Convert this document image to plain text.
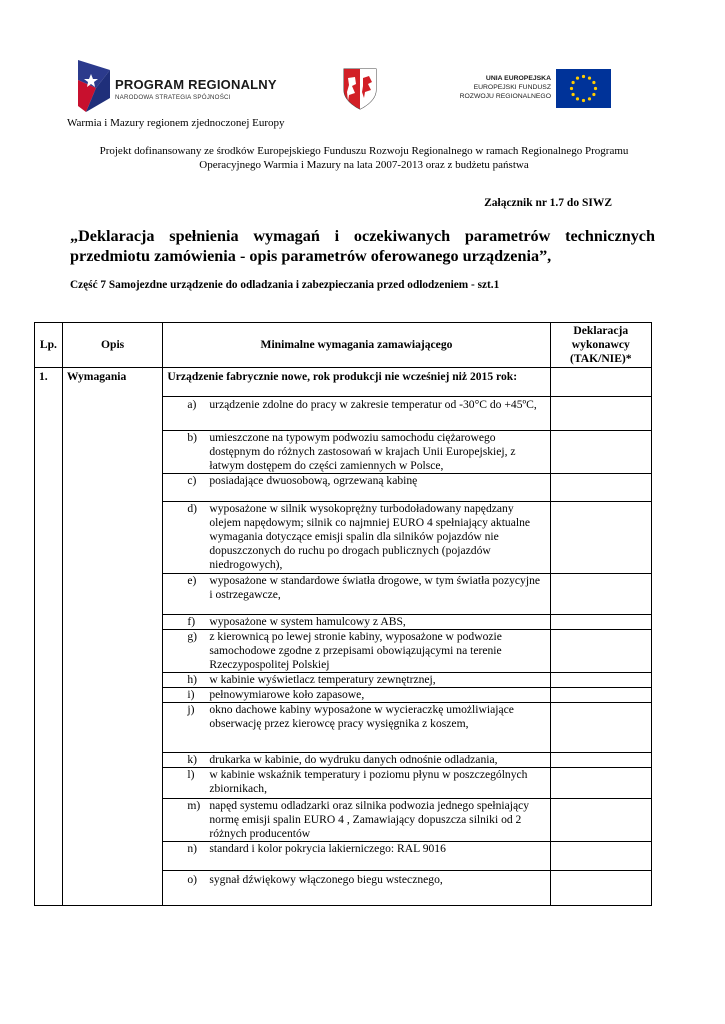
PROGRAM REGIONALNY
NARODOWA STRATEGIA SPÓJNOŚCI
UNIA EUROPEJSKA
EUROPEJSKI FUNDUSZ
ROZWOJU REGIONALNEGO
Warmia i Mazury regionem zjednoczonej Europy
Projekt dofinansowany ze środków Europejskiego Funduszu Rozwoju Regionalnego w ramach Regionalnego Programu
Operacyjnego Warmia i Mazury na lata 2007-2013 oraz z budżetu państwa
Załącznik nr 1.7 do SIWZ
„Deklaracja spełnienia wymagań i oczekiwanych parametrów technicznych przedmiotu zamówienia - opis parametrów oferowanego urządzenia”,
Część 7 Samojezdne urządzenie do odladzania i zabezpieczania przed odlodzeniem - szt.1
Lp.	Opis	Minimalne wymagania zamawiającego	Deklaracja wykonawcy (TAK/NIE)*
1.	Wymagania	Urządzenie fabrycznie nowe, rok produkcji nie wcześniej niż 2015 rok:	

		a) urządzenie zdolne do pracy w zakresie temperatur od -30°C do +45ºC,	

		b) umieszczone na typowym podwoziu samochodu ciężarowego dostępnym do różnych zastosowań w krajach Unii Europejskiej, z łatwym dostępem do części zamiennych w Polsce,	

		c) posiadające dwuosobową, ogrzewaną kabinę	

		d) wyposażone w silnik wysokoprężny turbodoładowany napędzany olejem napędowym; silnik co najmniej EURO 4 spełniający aktualne wymagania dotyczące emisji spalin dla silników pojazdów nie dopuszczonych do ruchu po drogach publicznych (pojazdów niedrogowych),	

		e) wyposażone w standardowe światła drogowe, w tym światła pozycyjne i ostrzegawcze,	

		f) wyposażone w system hamulcowy z ABS,	

		g) z kierownicą po lewej stronie kabiny, wyposażone w podwozie samochodowe zgodne z przepisami obowiązującymi na terenie Rzeczypospolitej Polskiej	

		h) w kabinie wyświetlacz temperatury zewnętrznej,	

		i) pełnowymiarowe koło zapasowe,	

		j) okno dachowe kabiny wyposażone w wycieraczkę umożliwiające obserwację przez kierowcę pracy wysięgnika z koszem,	

		k) drukarka w kabinie, do wydruku danych odnośnie odladzania,	

		l) w kabinie wskaźnik temperatury i poziomu płynu w poszczególnych zbiornikach,	

		m) napęd systemu odladzarki oraz silnika podwozia jednego spełniający normę emisji spalin EURO 4 , Zamawiający dopuszcza silniki od 2 różnych producentów	

		n) standard i kolor pokrycia lakierniczego: RAL 9016	

		o) sygnał dźwiękowy włączonego biegu wstecznego,	
